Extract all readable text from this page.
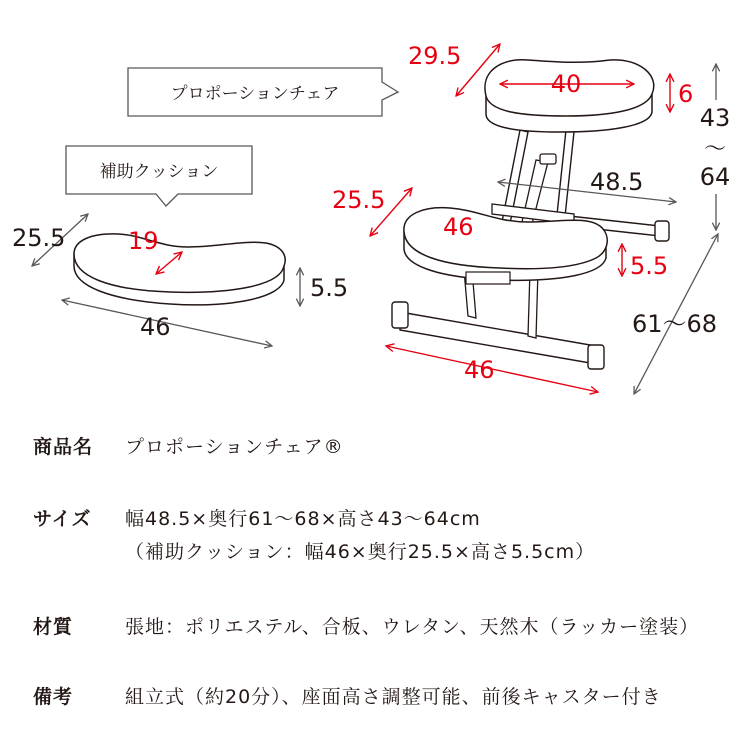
プロポーションチェア
補助クッション
25.5	19
46
5.5
29.5
40	6
43
〜
64
48.5
25.5
46
5.5
61〜68
46
商品名 プロポーションチェア®
サイズ 幅48.5×奥行61〜68×高さ43〜64cm
（補助クッション：幅46×奥行25.5×高さ5.5cm）
材質	張地：ポリエステル、合板、ウレタン、天然木（ラッカー塗装）
備考	組立式（約20分）、座面高さ調整可能、前後キャスター付き
